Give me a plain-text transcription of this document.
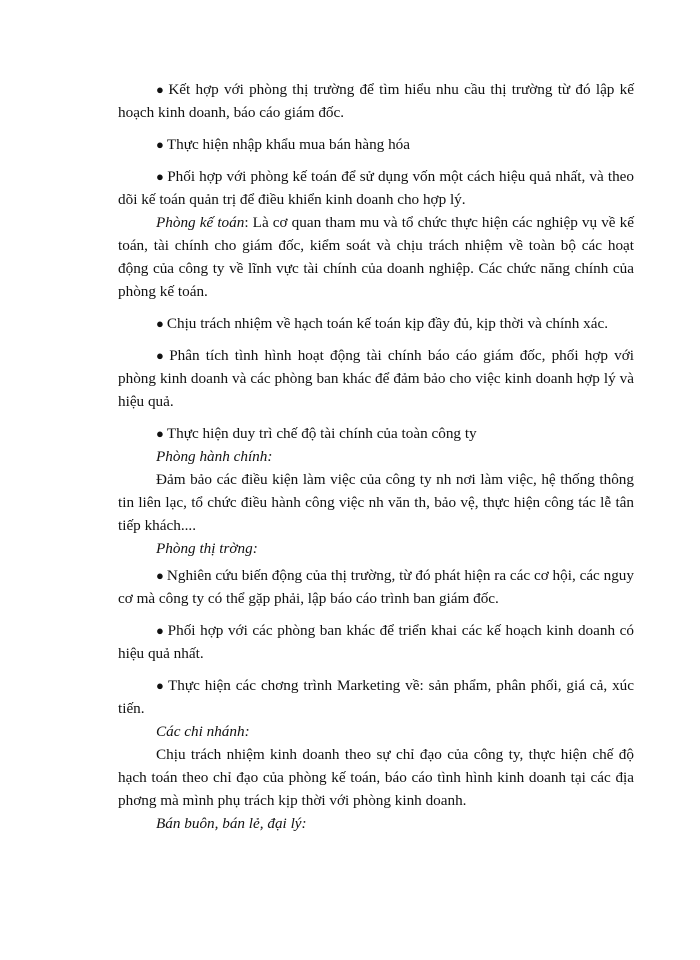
● Kết hợp với phòng thị trường để tìm hiểu nhu cầu thị trường từ đó lập kế hoạch kinh doanh, báo cáo giám đốc.

● Thực hiện nhập khẩu mua bán hàng hóa

● Phối hợp với phòng kế toán để sử dụng vốn một cách hiệu quả nhất, và theo dõi kế toán quản trị để điều khiển kinh doanh cho hợp lý.

Phòng kế toán: Là cơ quan tham mu và tổ chức thực hiện các nghiệp vụ về kế toán, tài chính cho giám đốc, kiểm soát và chịu trách nhiệm về toàn bộ các hoạt động của công ty về lĩnh vực tài chính của doanh nghiệp. Các chức năng chính của phòng kế toán.

● Chịu trách nhiệm về hạch toán kế toán kịp đầy đủ, kịp thời và chính xác.

● Phân tích tình hình hoạt động tài chính báo cáo giám đốc, phối hợp với phòng kinh doanh và các phòng ban khác để đảm bảo cho việc kinh doanh hợp lý và hiệu quả.

● Thực hiện duy trì chế độ tài chính của toàn công ty

Phòng hành chính:

Đảm bảo các điều kiện làm việc của công ty nh nơi làm việc, hệ thống thông tin liên lạc, tổ chức điều hành công việc nh văn th, bảo vệ, thực hiện công tác lễ tân tiếp khách....

Phòng thị trờng:

● Nghiên cứu biến động của thị trường, từ đó phát hiện ra các cơ hội, các nguy cơ mà công ty có thể gặp phải, lập báo cáo trình ban giám đốc.

● Phối hợp với các phòng ban khác để triển khai các kế hoạch kinh doanh có hiệu quả nhất.

● Thực hiện các chơng trình Marketing về: sản phẩm, phân phối, giá cả, xúc tiến.

Các chi nhánh:

Chịu trách nhiệm kinh doanh theo sự chỉ đạo của công ty, thực hiện chế độ hạch toán theo chỉ đạo của phòng kế toán, báo cáo tình hình kinh doanh tại các địa phơng mà mình phụ trách kịp thời với phòng kinh doanh.

Bán buôn, bán lẻ, đại lý:
